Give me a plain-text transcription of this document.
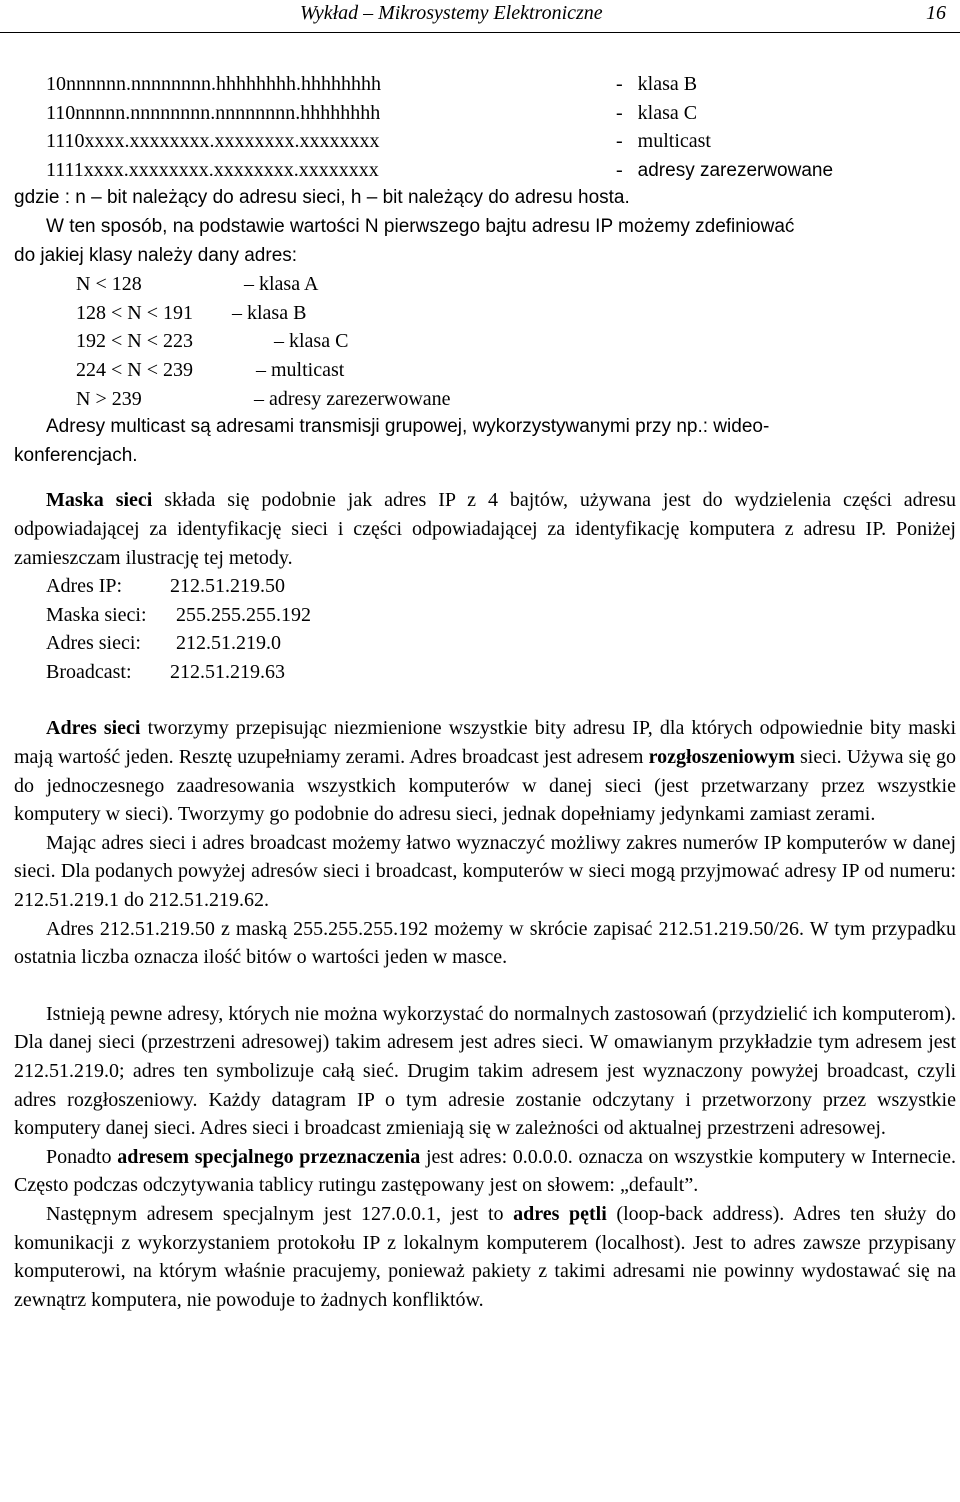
Wykład – Mikrosystemy Elektroniczne	16
10nnnnnn.nnnnnnnn.hhhhhhhh.hhhhhhhh	- klasa B
110nnnnn.nnnnnnnn.nnnnnnnn.hhhhhhhh	- klasa C
1110xxxx.xxxxxxxx.xxxxxxxx.xxxxxxxx	- multicast
1111xxxx.xxxxxxxx.xxxxxxxx.xxxxxxxx	- adresy zarezerwowane
gdzie : n – bit należący do adresu sieci, h – bit należący do adresu hosta.
W ten sposób, na podstawie wartości N pierwszego bajtu adresu IP możemy zdefiniować
do jakiej klasy należy dany adres:
N < 128	– klasa A
128 < N < 191 – klasa B
192 < N < 223	– klasa C
224 < N < 239	– multicast
N > 239	– adresy zarezerwowane
Adresy multicast są adresami transmisji grupowej, wykorzystywanymi przy np.: wideo-
konferencjach.

Maska sieci składa się podobnie jak adres IP z 4 bajtów, używana jest do wydzielenia części adresu odpowiadającej za identyfikację sieci i części odpowiadającej za identyfikację komputera z adresu IP. Poniżej zamieszczam ilustrację tej metody.

Adres IP: 212.51.219.50
Maska sieci: 255.255.255.192
Adres sieci: 212.51.219.0
Broadcast: 212.51.219.63

Adres sieci tworzymy przepisując niezmienione wszystkie bity adresu IP, dla których odpowiednie bity maski mają wartość jeden. Resztę uzupełniamy zerami. Adres broadcast jest adresem rozgłoszeniowym sieci. Używa się go do jednoczesnego zaadresowania wszystkich komputerów w danej sieci (jest przetwarzany przez wszystkie komputery w sieci). Tworzymy go podobnie do adresu sieci, jednak dopełniamy jedynkami zamiast zerami.

Mając adres sieci i adres broadcast możemy łatwo wyznaczyć możliwy zakres numerów IP komputerów w danej sieci. Dla podanych powyżej adresów sieci i broadcast, komputerów w sieci mogą przyjmować adresy IP od numeru: 212.51.219.1 do 212.51.219.62.

Adres 212.51.219.50 z maską 255.255.255.192 możemy w skrócie zapisać 212.51.219.50/26. W tym przypadku ostatnia liczba oznacza ilość bitów o wartości jeden w masce.

Istnieją pewne adresy, których nie można wykorzystać do normalnych zastosowań (przydzielić ich komputerom). Dla danej sieci (przestrzeni adresowej) takim adresem jest adres sieci. W omawianym przykładzie tym adresem jest 212.51.219.0; adres ten symbolizuje całą sieć. Drugim takim adresem jest wyznaczony powyżej broadcast, czyli adres rozgłoszeniowy. Każdy datagram IP o tym adresie zostanie odczytany i przetworzony przez wszystkie komputery danej sieci. Adres sieci i broadcast zmieniają się w zależności od aktualnej przestrzeni adresowej.

Ponadto adresem specjalnego przeznaczenia jest adres: 0.0.0.0. oznacza on wszystkie komputery w Internecie. Często podczas odczytywania tablicy rutingu zastępowany jest on słowem: „default”.

Następnym adresem specjalnym jest 127.0.0.1, jest to adres pętli (loop-back address). Adres ten służy do komunikacji z wykorzystaniem protokołu IP z lokalnym komputerem (localhost). Jest to adres zawsze przypisany komputerowi, na którym właśnie pracujemy, ponieważ pakiety z takimi adresami nie powinny wydostawać się na zewnątrz komputera, nie powoduje to żadnych konfliktów.
